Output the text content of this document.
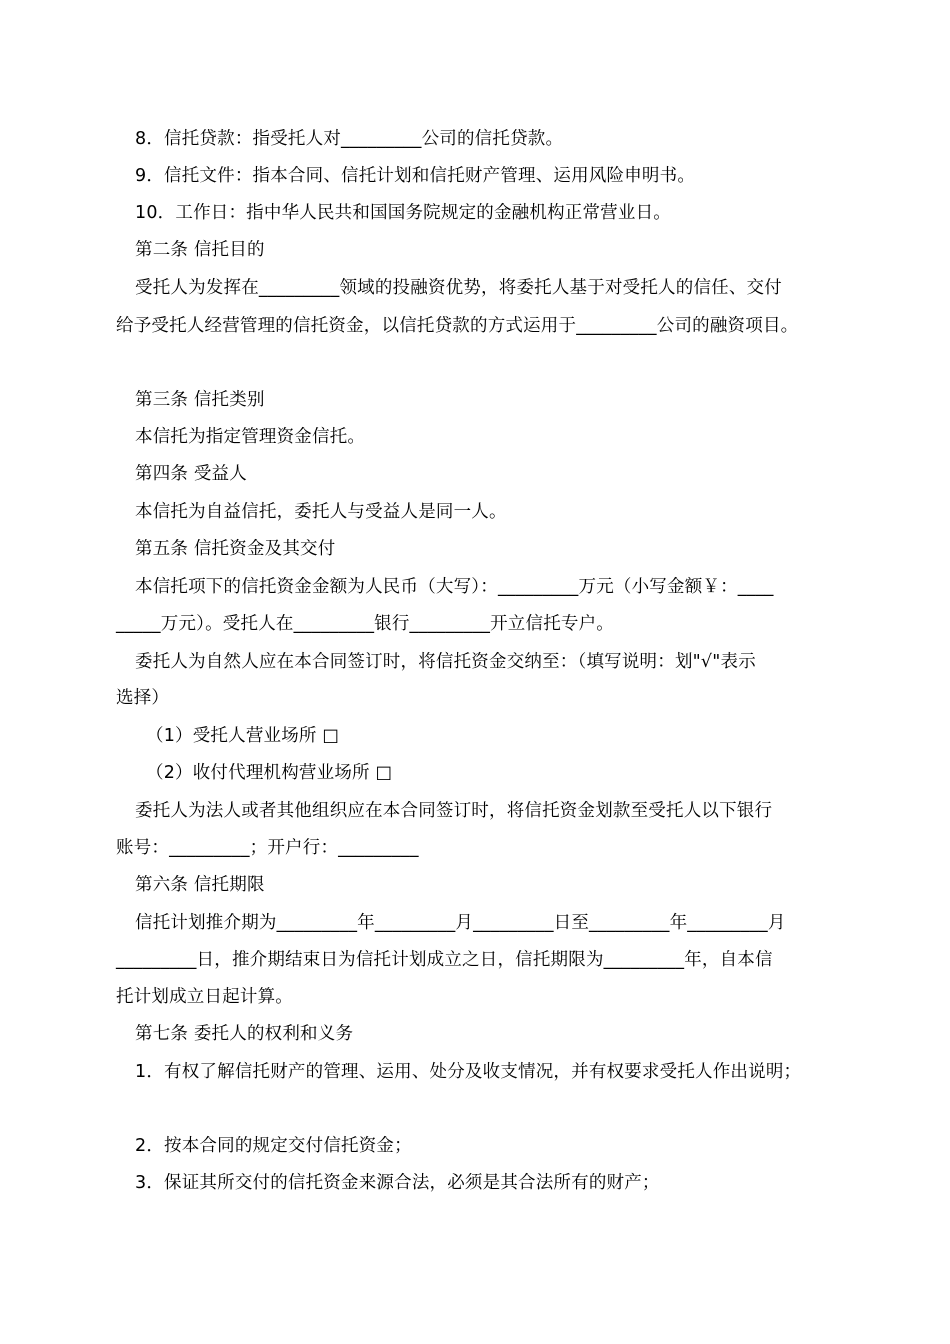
8．信托贷款：指受托人对_________公司的信托贷款。
9．信托文件：指本合同、信托计划和信托财产管理、运用风险申明书。
10．工作日：指中华人民共和国国务院规定的金融机构正常营业日。
第二条 信托目的
受托人为发挥在_________领域的投融资优势，将委托人基于对受托人的信任、交付
给予受托人经营管理的信托资金，以信托贷款的方式运用于_________公司的融资项目。
第三条 信托类别
本信托为指定管理资金信托。
第四条 受益人
本信托为自益信托，委托人与受益人是同一人。
第五条 信托资金及其交付
本信托项下的信托资金金额为人民币（大写）：_________万元（小写金额￥：____
_____万元）。受托人在_________银行_________开立信托专户。
委托人为自然人应在本合同签订时，将信托资金交纳至：（填写说明：划"√"表示
选择）
（1）受托人营业场所 □
（2）收付代理机构营业场所 □
委托人为法人或者其他组织应在本合同签订时，将信托资金划款至受托人以下银行
账号：_________；开户行：_________
第六条 信托期限
信托计划推介期为_________年_________月_________日至_________年_________月
_________日，推介期结束日为信托计划成立之日，信托期限为_________年，自本信
托计划成立日起计算。
第七条 委托人的权利和义务
1．有权了解信托财产的管理、运用、处分及收支情况，并有权要求受托人作出说明；
2．按本合同的规定交付信托资金；
3．保证其所交付的信托资金来源合法，必须是其合法所有的财产；
